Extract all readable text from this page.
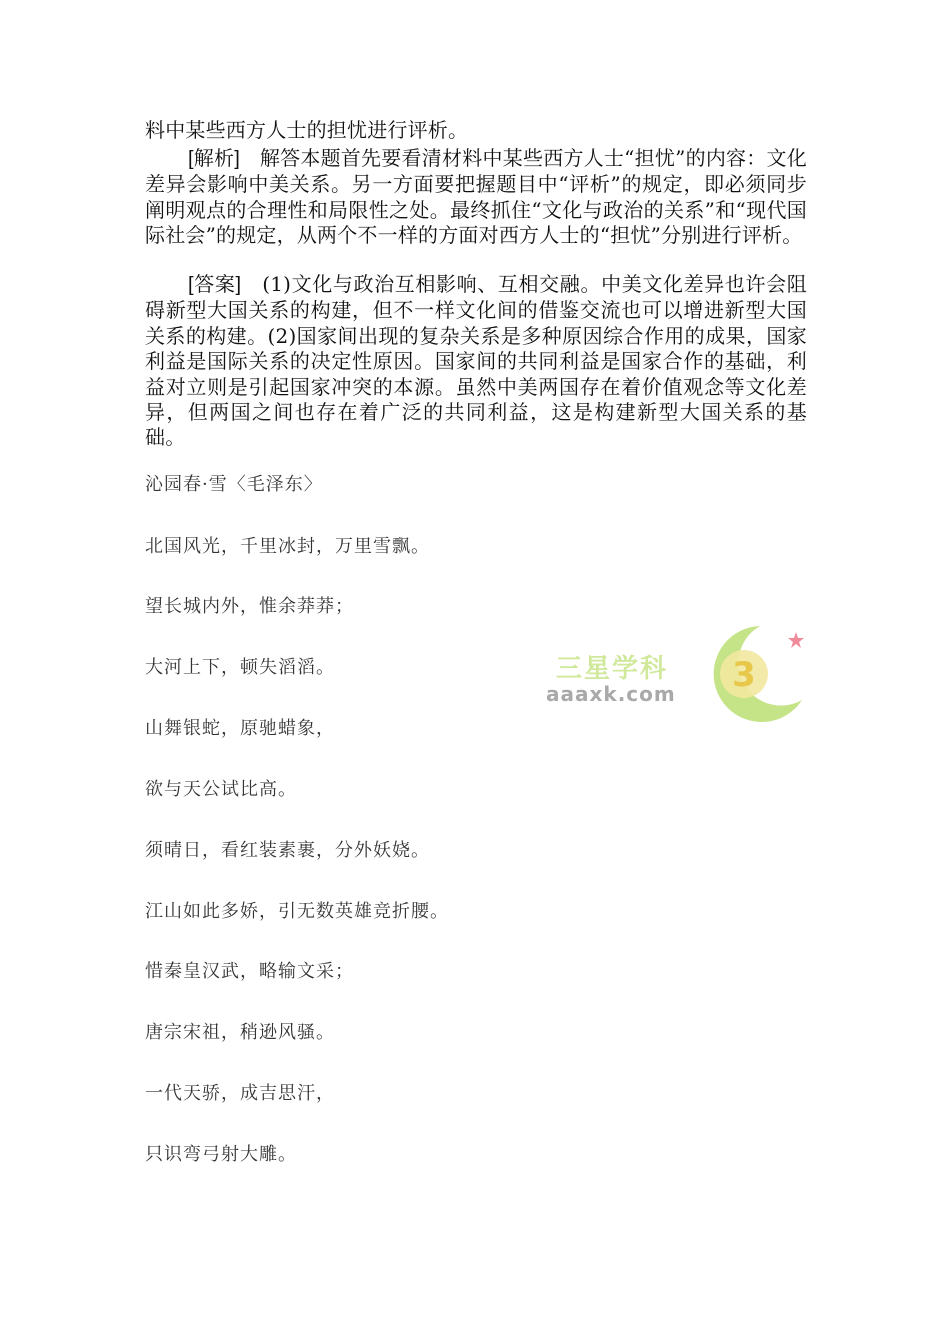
料中某些西方人士的担忧进行评析。
[解析] 解答本题首先要看清材料中某些西方人士“担忧”的内容：文化差异会影响中美关系。另一方面要把握题目中“评析”的规定，即必须同步阐明观点的合理性和局限性之处。最终抓住“文化与政治的关系”和“现代国际社会”的规定，从两个不一样的方面对西方人士的“担忧”分别进行评析。
[答案] (1)文化与政治互相影响、互相交融。中美文化差异也许会阻碍新型大国关系的构建，但不一样文化间的借鉴交流也可以增进新型大国关系的构建。(2)国家间出现的复杂关系是多种原因综合作用的成果，国家利益是国际关系的决定性原因。国家间的共同利益是国家合作的基础，利益对立则是引起国家冲突的本源。虽然中美两国存在着价值观念等文化差异，但两国之间也存在着广泛的共同利益，这是构建新型大国关系的基础。
沁园春·雪〈毛泽东〉
北国风光，千里冰封，万里雪飘。
望长城内外，惟余莽莽；
大河上下，顿失滔滔。
山舞银蛇，原驰蜡象，
欲与天公试比高。
须晴日，看红装素裹，分外妖娆。
江山如此多娇，引无数英雄竞折腰。
惜秦皇汉武，略输文采；
唐宗宋祖，稍逊风骚。
一代天骄，成吉思汗，
只识弯弓射大雕。
三星学科
aaaxk.com 3
